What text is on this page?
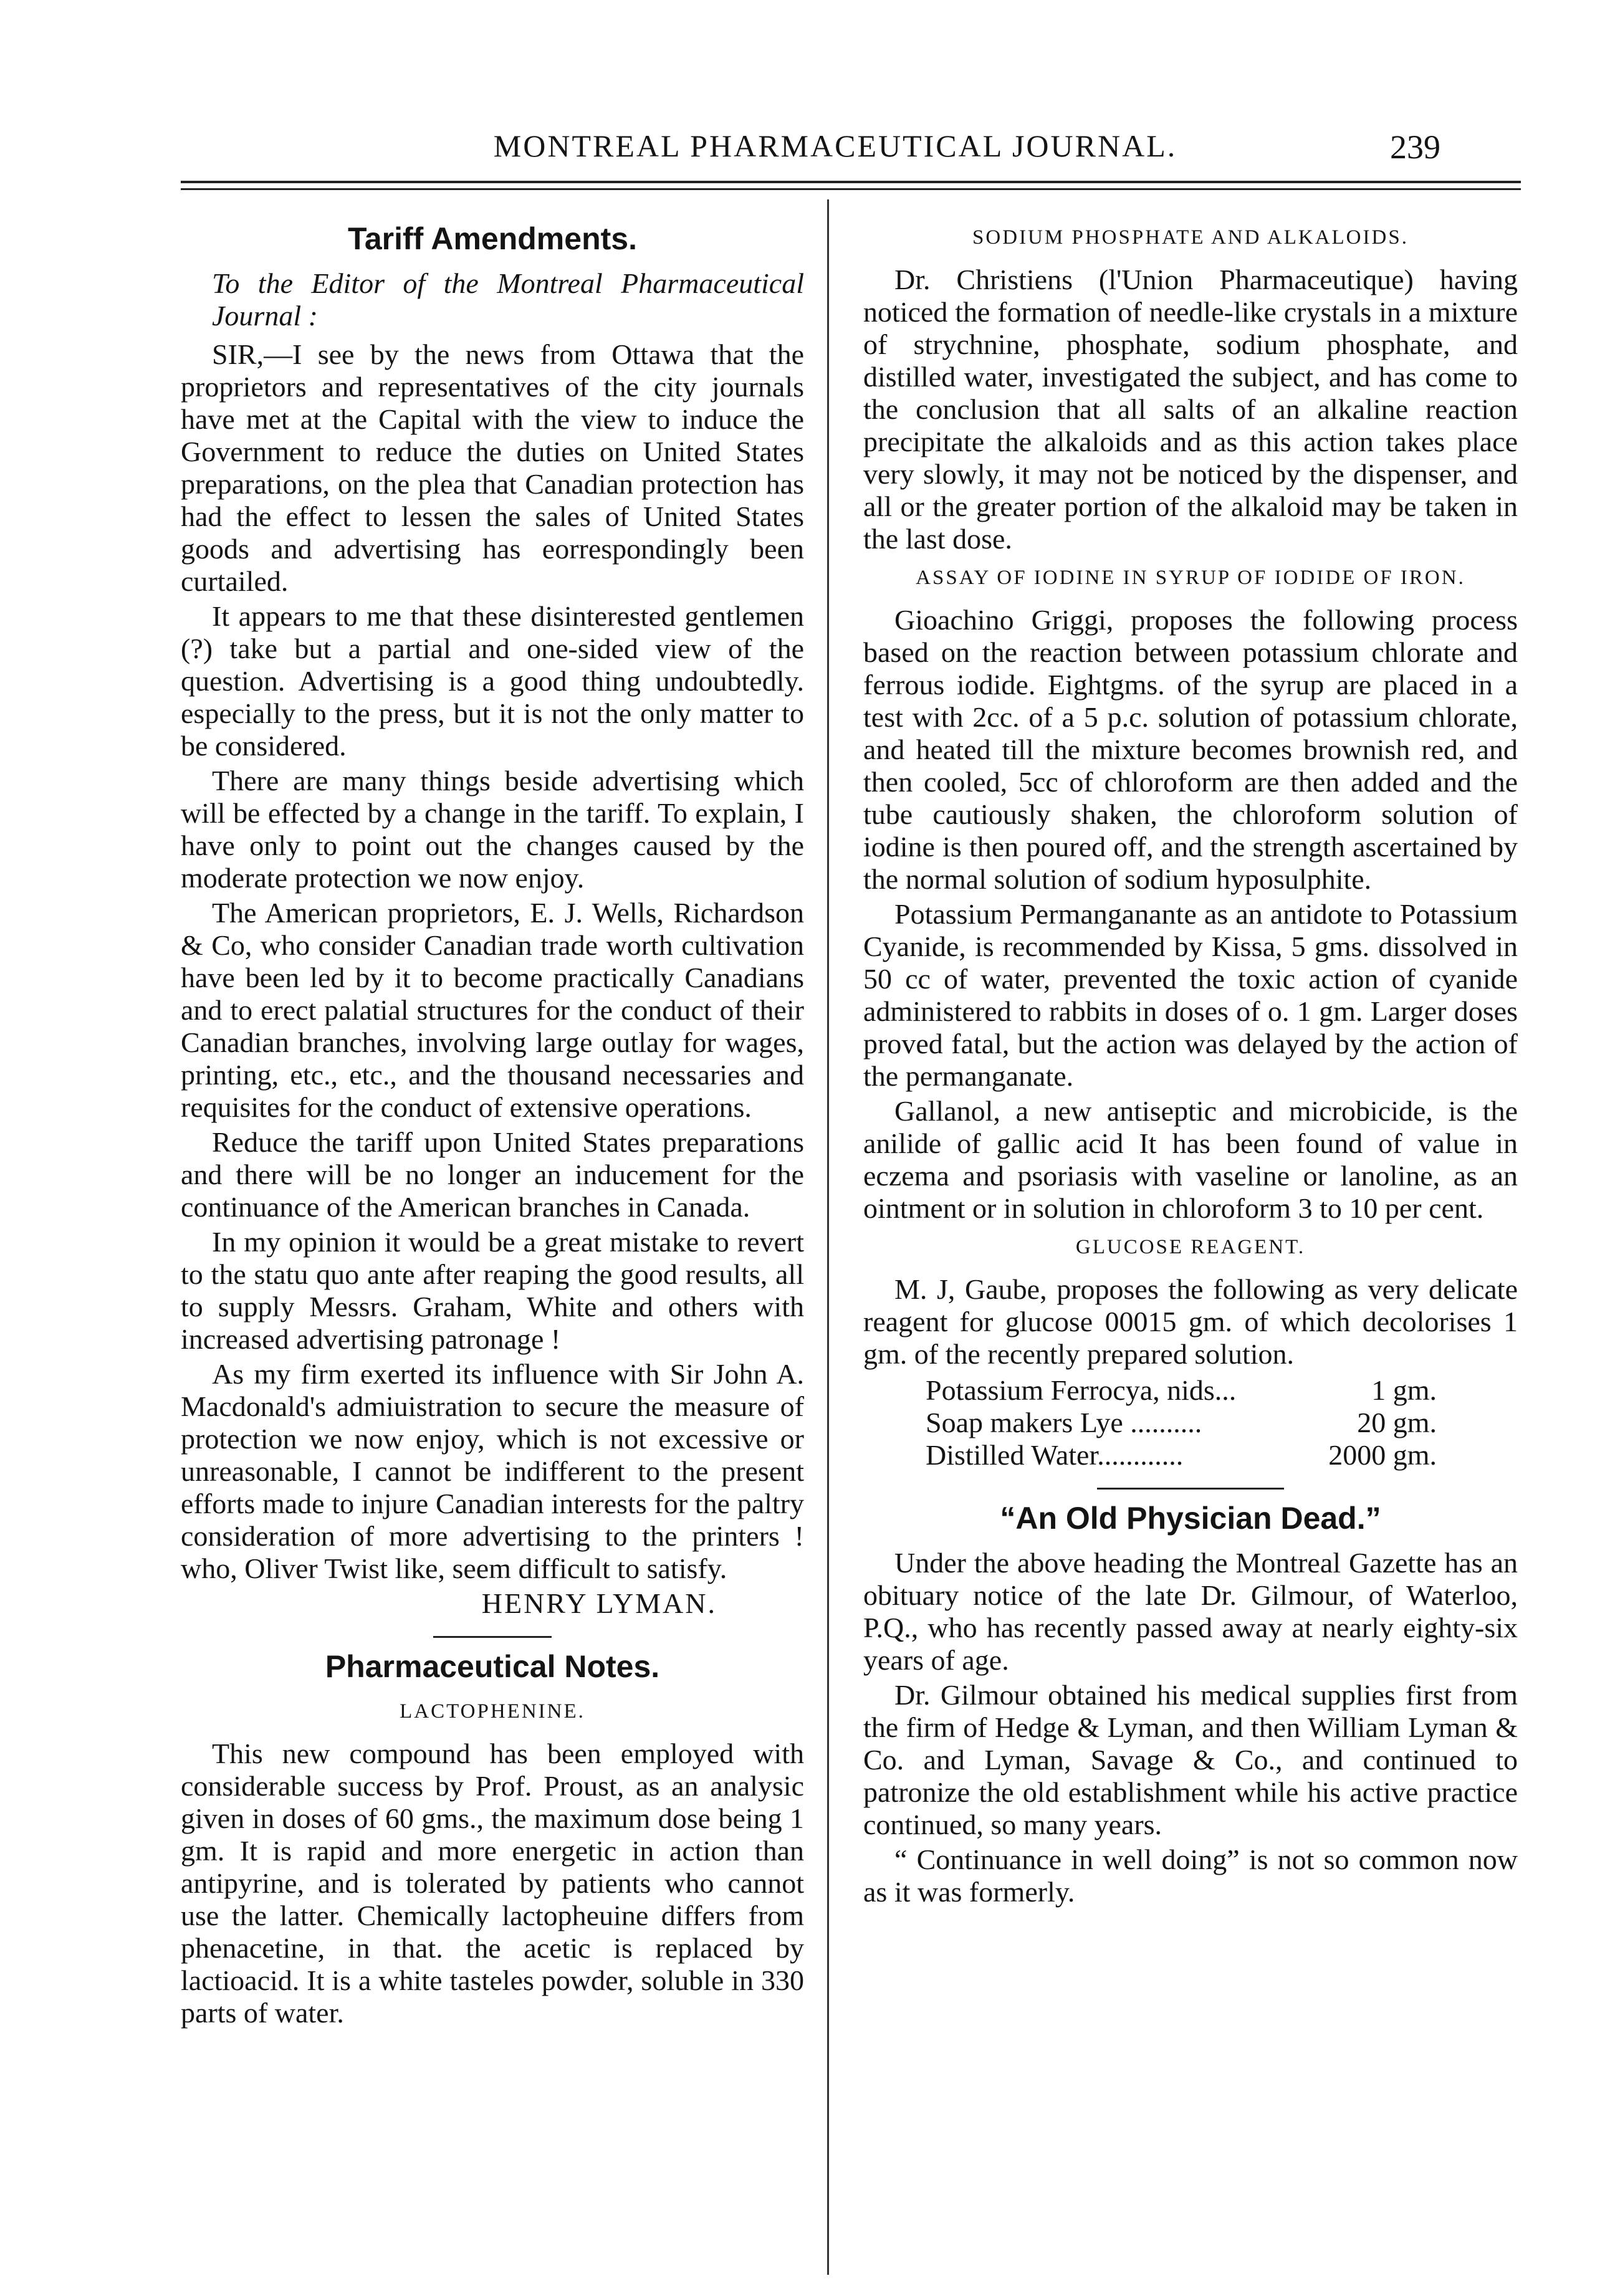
MONTREAL PHARMACEUTICAL JOURNAL.	239
Tariff Amendments.

To the Editor of the Montreal Pharmaceutical Journal :

SIR,—I see by the news from Ottawa that the proprietors and representatives of the city journals have met at the Capital with the view to induce the Government to reduce the duties on United States preparations, on the plea that Canadian protection has had the effect to lessen the sales of United States goods and advertising has eorrespondingly been curtailed.

It appears to me that these disinterested gentlemen (?) take but a partial and one-sided view of the question. Advertising is a good thing undoubtedly. especially to the press, but it is not the only matter to be considered.

There are many things beside advertising which will be effected by a change in the tariff. To explain, I have only to point out the changes caused by the moderate protection we now enjoy.

The American proprietors, E. J. Wells, Richardson & Co, who consider Canadian trade worth cultivation have been led by it to become practically Canadians and to erect palatial structures for the conduct of their Canadian branches, involving large outlay for wages, printing, etc., etc., and the thousand necessaries and requisites for the conduct of extensive operations.

Reduce the tariff upon United States preparations and there will be no longer an inducement for the continuance of the American branches in Canada.

In my opinion it would be a great mistake to revert to the statu quo ante after reaping the good results, all to supply Messrs. Graham, White and others with increased advertising patronage !

As my firm exerted its influence with Sir John A. Macdonald's admiuistration to secure the measure of protection we now enjoy, which is not excessive or unreasonable, I cannot be indifferent to the present efforts made to injure Canadian interests for the paltry consideration of more advertising to the printers ! who, Oliver Twist like, seem difficult to satisfy.

HENRY LYMAN.

Pharmaceutical Notes.
LACTOPHENINE.

This new compound has been employed with considerable success by Prof. Proust, as an analysic given in doses of 60 gms., the maximum dose being 1 gm. It is rapid and more energetic in action than antipyrine, and is tolerated by patients who cannot use the latter. Chemically lactopheuine differs from phenacetine, in that. the acetic is replaced by lactioacid. It is a white tasteles powder, soluble in 330 parts of water.

SODIUM PHOSPHATE AND ALKALOIDS.

Dr. Christiens (l'Union Pharmaceutique) having noticed the formation of needle-like crystals in a mixture of strychnine, phosphate, sodium phosphate, and distilled water, investigated the subject, and has come to the conclusion that all salts of an alkaline reaction precipitate the alkaloids and as this action takes place very slowly, it may not be noticed by the dispenser, and all or the greater portion of the alkaloid may be taken in the last dose.

ASSAY OF IODINE IN SYRUP OF IODIDE OF IRON.

Gioachino Griggi, proposes the following process based on the reaction between potassium chlorate and ferrous iodide. Eightgms. of the syrup are placed in a test with 2cc. of a 5 p.c. solution of potassium chlorate, and heated till the mixture becomes brownish red, and then cooled, 5cc of chloroform are then added and the tube cautiously shaken, the chloroform solution of iodine is then poured off, and the strength ascertained by the normal solution of sodium hyposulphite.

Potassium Permanganante as an antidote to Potassium Cyanide, is recommended by Kissa, 5 gms. dissolved in 50 cc of water, prevented the toxic action of cyanide administered to rabbits in doses of o. 1 gm. Larger doses proved fatal, but the action was delayed by the action of the permanganate.

Gallanol, a new antiseptic and microbicide, is the anilide of gallic acid It has been found of value in eczema and psoriasis with vaseline or lanoline, as an ointment or in solution in chloroform 3 to 10 per cent.

GLUCOSE REAGENT.

M. J, Gaube, proposes the following as very delicate reagent for glucose 00015 gm. of which decolorises 1 gm. of the recently prepared solution.

Potassium Ferrocya, nids...	1 gm.
Soap makers Lye ..........	20 gm.
Distilled Water............	2000 gm.
“An Old Physician Dead.”

Under the above heading the Montreal Gazette has an obituary notice of the late Dr. Gilmour, of Waterloo, P.Q., who has recently passed away at nearly eighty-six years of age.

Dr. Gilmour obtained his medical supplies first from the firm of Hedge & Lyman, and then William Lyman & Co. and Lyman, Savage & Co., and continued to patronize the old establishment while his active practice continued, so many years.

“ Continuance in well doing” is not so common now as it was formerly.
